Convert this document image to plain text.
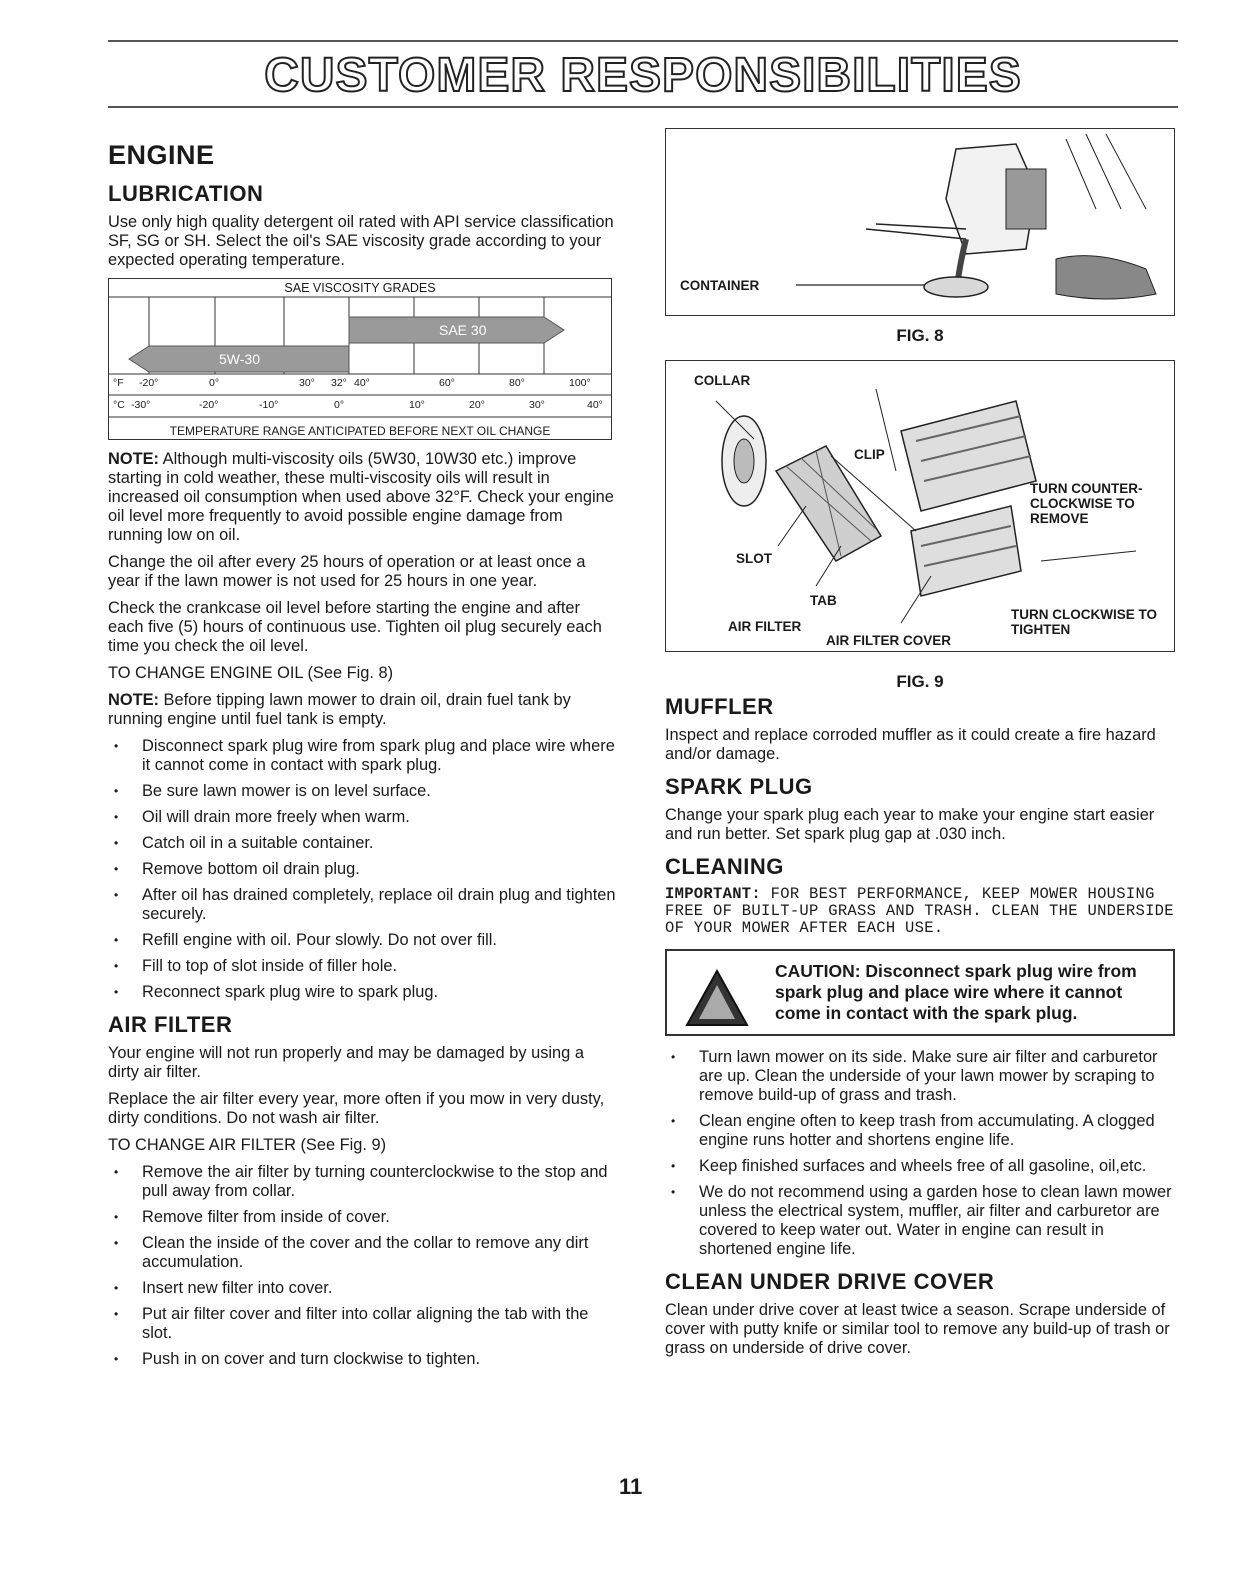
CUSTOMER RESPONSIBILITIES
ENGINE
LUBRICATION

Use only high quality detergent oil rated with API service classification SF, SG or SH. Select the oil's SAE viscosity grade according to your expected operating temperature.

SAE VISCOSITY GRADES
SAE 30
5W-30
°F -20°	0°	30° 32° 40°	60°	80°	100°
°C -30°	-20°	-10°	0°	10°	20°	30°	40°
TEMPERATURE RANGE ANTICIPATED BEFORE NEXT OIL CHANGE

NOTE: Although multi-viscosity oils (5W30, 10W30 etc.) improve starting in cold weather, these multi-viscosity oils will result in increased oil consumption when used above 32°F. Check your engine oil level more frequently to avoid possible engine damage from running low on oil.

Change the oil after every 25 hours of operation or at least once a year if the lawn mower is not used for 25 hours in one year.

Check the crankcase oil level before starting the engine and after each five (5) hours of continuous use. Tighten oil plug securely each time you check the oil level.

TO CHANGE ENGINE OIL (See Fig. 8)

NOTE: Before tipping lawn mower to drain oil, drain fuel tank by running engine until fuel tank is empty.

• Disconnect spark plug wire from spark plug and place wire where it cannot come in contact with spark plug.
• Be sure lawn mower is on level surface.
• Oil will drain more freely when warm.
• Catch oil in a suitable container.
• Remove bottom oil drain plug.
• After oil has drained completely, replace oil drain plug and tighten securely.
• Refill engine with oil. Pour slowly. Do not over fill.
• Fill to top of slot inside of filler hole.
• Reconnect spark plug wire to spark plug.
AIR FILTER

Your engine will not run properly and may be damaged by using a dirty air filter.

Replace the air filter every year, more often if you mow in very dusty, dirty conditions. Do not wash air filter.

TO CHANGE AIR FILTER (See Fig. 9)

• Remove the air filter by turning counterclockwise to the stop and pull away from collar.
• Remove filter from inside of cover.
• Clean the inside of the cover and the collar to remove any dirt accumulation.
• Insert new filter into cover.
• Put air filter cover and filter into collar aligning the tab with the slot.
• Push in on cover and turn clockwise to tighten.
CONTAINER
FIG. 8
COLLAR
CLIP
TURN COUNTER-CLOCKWISE TO REMOVE
SLOT
TAB
AIR FILTER
TURN CLOCKWISE TO TIGHTEN
AIR FILTER COVER
FIG. 9
MUFFLER

Inspect and replace corroded muffler as it could create a fire hazard and/or damage.

SPARK PLUG

Change your spark plug each year to make your engine start easier and run better. Set spark plug gap at .030 inch.

CLEANING

IMPORTANT: FOR BEST PERFORMANCE, KEEP MOWER HOUSING FREE OF BUILT-UP GRASS AND TRASH. CLEAN THE UNDERSIDE OF YOUR MOWER AFTER EACH USE.

CAUTION: Disconnect spark plug wire from spark plug and place wire where it cannot come in contact with the spark plug.
• Turn lawn mower on its side. Make sure air filter and carburetor are up. Clean the underside of your lawn mower by scraping to remove build-up of grass and trash.
• Clean engine often to keep trash from accumulating. A clogged engine runs hotter and shortens engine life.
• Keep finished surfaces and wheels free of all gasoline, oil,etc.
• We do not recommend using a garden hose to clean lawn mower unless the electrical system, muffler, air filter and carburetor are covered to keep water out. Water in engine can result in shortened engine life.
CLEAN UNDER DRIVE COVER

Clean under drive cover at least twice a season. Scrape underside of cover with putty knife or similar tool to remove any build-up of trash or grass on underside of drive cover.

11
